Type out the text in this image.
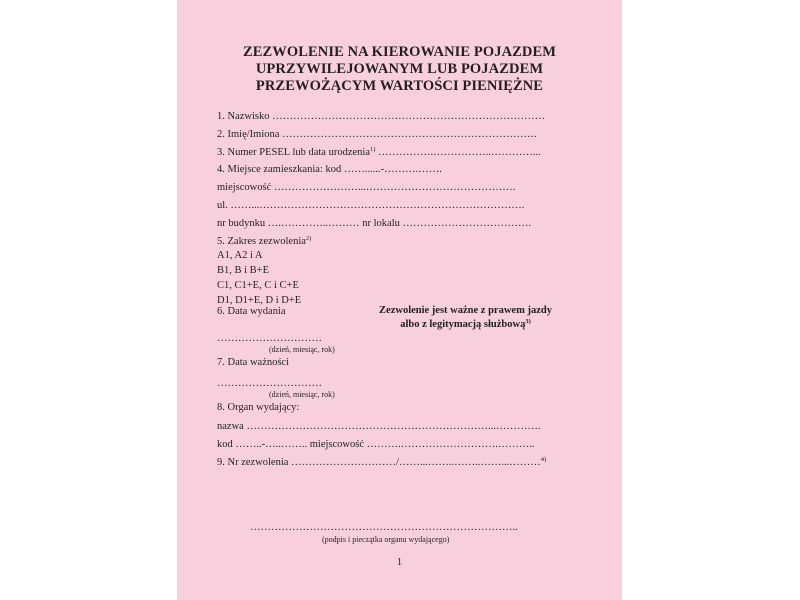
ZEZWOLENIE NA KIEROWANIE POJAZDEM
UPRZYWILEJOWANYM LUB POJAZDEM
PRZEWOŻĄCYM WARTOŚCI PIENIĘŻNE
1. Nazwisko ……………………………………………………………………
2. Imię/Imiona ……………………………………………………………….
3. Numer PESEL lub data urodzenia$^{1)}$ …………….……………..…………...
4. Miejsce zamieszkania: kod ……......-……….…….
miejscowość ……………………...…………………………………….
ul. ……...………………………………………………………………….
nr budynku ….…………..……… nr lokalu ……………………………….
5. Zakres zezwolenia$^{2)}$
A1, A2 i A
B1, B i B+E
C1, C1+E, C i C+E
D1, D1+E, D i D+E
6. Data wydania
…………………………
(dzień, miesiąc, rok)
Zezwolenie jest ważne z prawem jazdy
albo z legitymacją służbową$^{3)}$
7. Data ważności
…………………………
(dzień, miesiąc, rok)
8. Organ wydający:
nazwa ……………………………………………………………...………….
kod ……..-…..…….. miejscowość ……….……………………….………..
9. Nr zezwolenia …………………………/……...……..……..……...………$^{4)}$
…………………………………………………………………..
(podpis i pieczątka organu wydającego)
1
